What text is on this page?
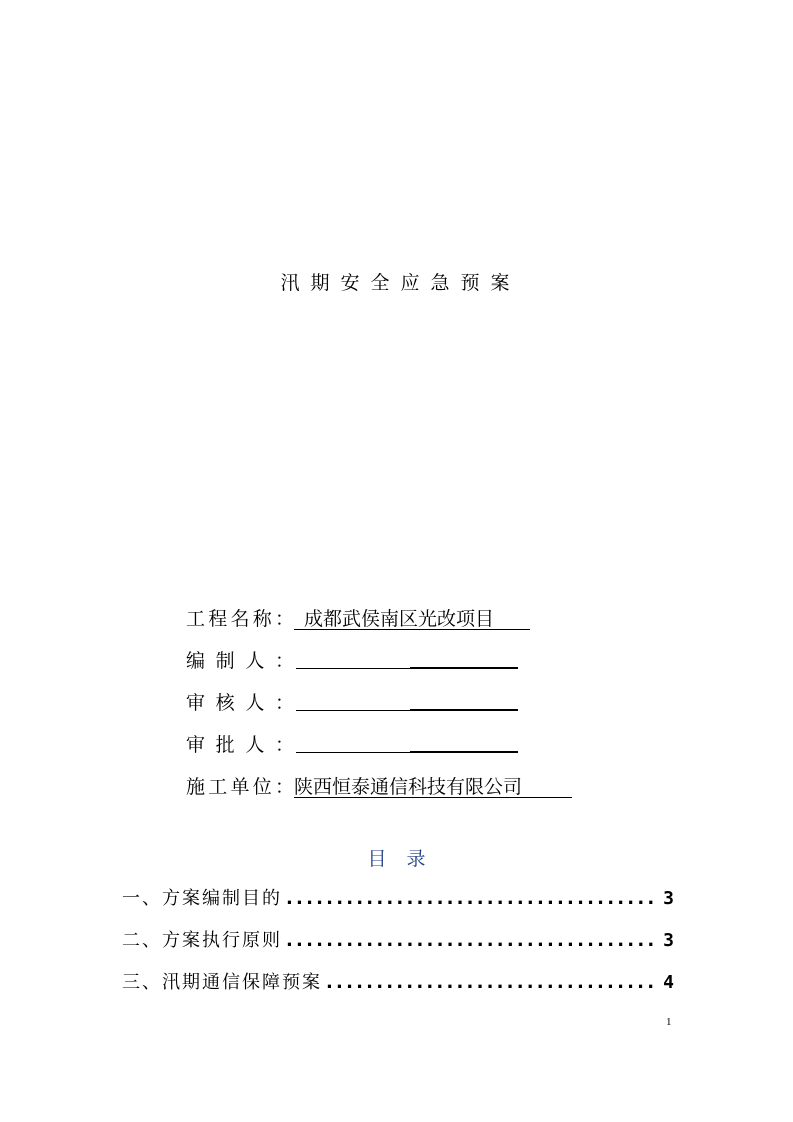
汛期安全应急预案
工程名称： 成都武侯南区光改项目
编制人：
审核人：
审批人：
施工单位： 陕西恒泰通信科技有限公司
目录
一、方案编制目的 .....	3
二、方案执行原则 .....	3
三、汛期通信保障预案 .....	4
1
